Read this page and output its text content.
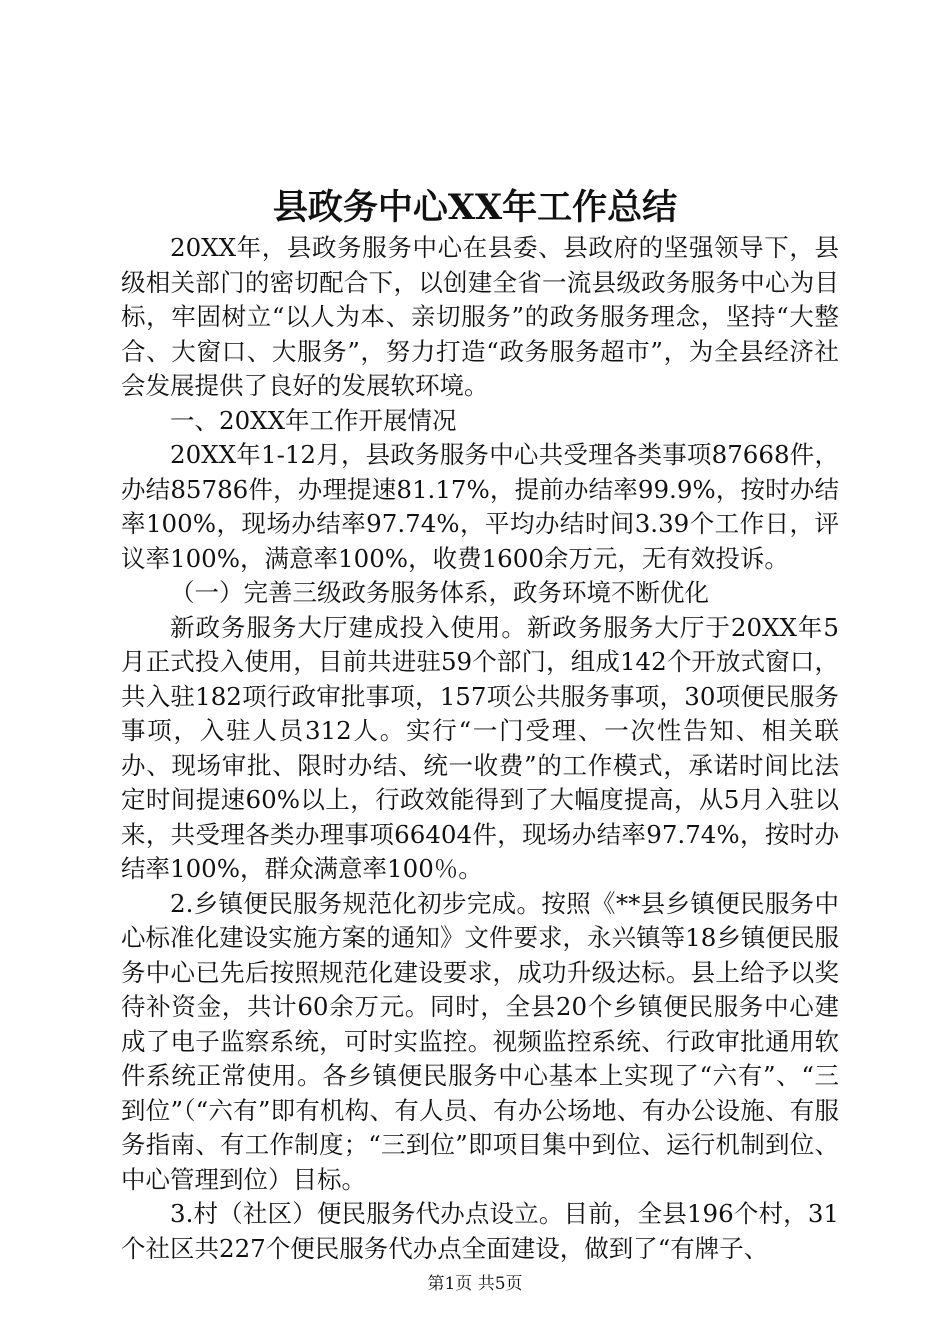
县政务中心XX年工作总结

20XX年，县政务服务中心在县委、县政府的坚强领导下，县级相关部门的密切配合下，以创建全省一流县级政务服务中心为目标，牢固树立“以人为本、亲切服务”的政务服务理念，坚持“大整合、大窗口、大服务”，努力打造“政务服务超市”，为全县经济社会发展提供了良好的发展软环境。

一、20XX年工作开展情况

20XX年1-12月，县政务服务中心共受理各类事项87668件，办结85786件，办理提速81.17%，提前办结率99.9%，按时办结率100%，现场办结率97.74%，平均办结时间3.39个工作日，评议率100%，满意率100%，收费1600余万元，无有效投诉。

（一）完善三级政务服务体系，政务环境不断优化

新政务服务大厅建成投入使用。新政务服务大厅于20XX年5月正式投入使用，目前共进驻59个部门，组成142个开放式窗口，共入驻182项行政审批事项，157项公共服务事项，30项便民服务事项，入驻人员312人。实行“一门受理、一次性告知、相关联办、现场审批、限时办结、统一收费”的工作模式，承诺时间比法定时间提速60%以上，行政效能得到了大幅度提高，从5月入驻以来，共受理各类办理事项66404件，现场办结率97.74%，按时办结率100%，群众满意率100％。

2.乡镇便民服务规范化初步完成。按照《**县乡镇便民服务中心标准化建设实施方案的通知》文件要求，永兴镇等18乡镇便民服务中心已先后按照规范化建设要求，成功升级达标。县上给予以奖待补资金，共计60余万元。同时，全县20个乡镇便民服务中心建成了电子监察系统，可时实监控。视频监控系统、行政审批通用软件系统正常使用。各乡镇便民服务中心基本上实现了“六有”、“三到位”（“六有”即有机构、有人员、有办公场地、有办公设施、有服务指南、有工作制度；“三到位”即项目集中到位、运行机制到位、中心管理到位）目标。

3.村（社区）便民服务代办点设立。目前，全县196个村，31个社区共227个便民服务代办点全面建设，做到了“有牌子、

第1页 共5页
